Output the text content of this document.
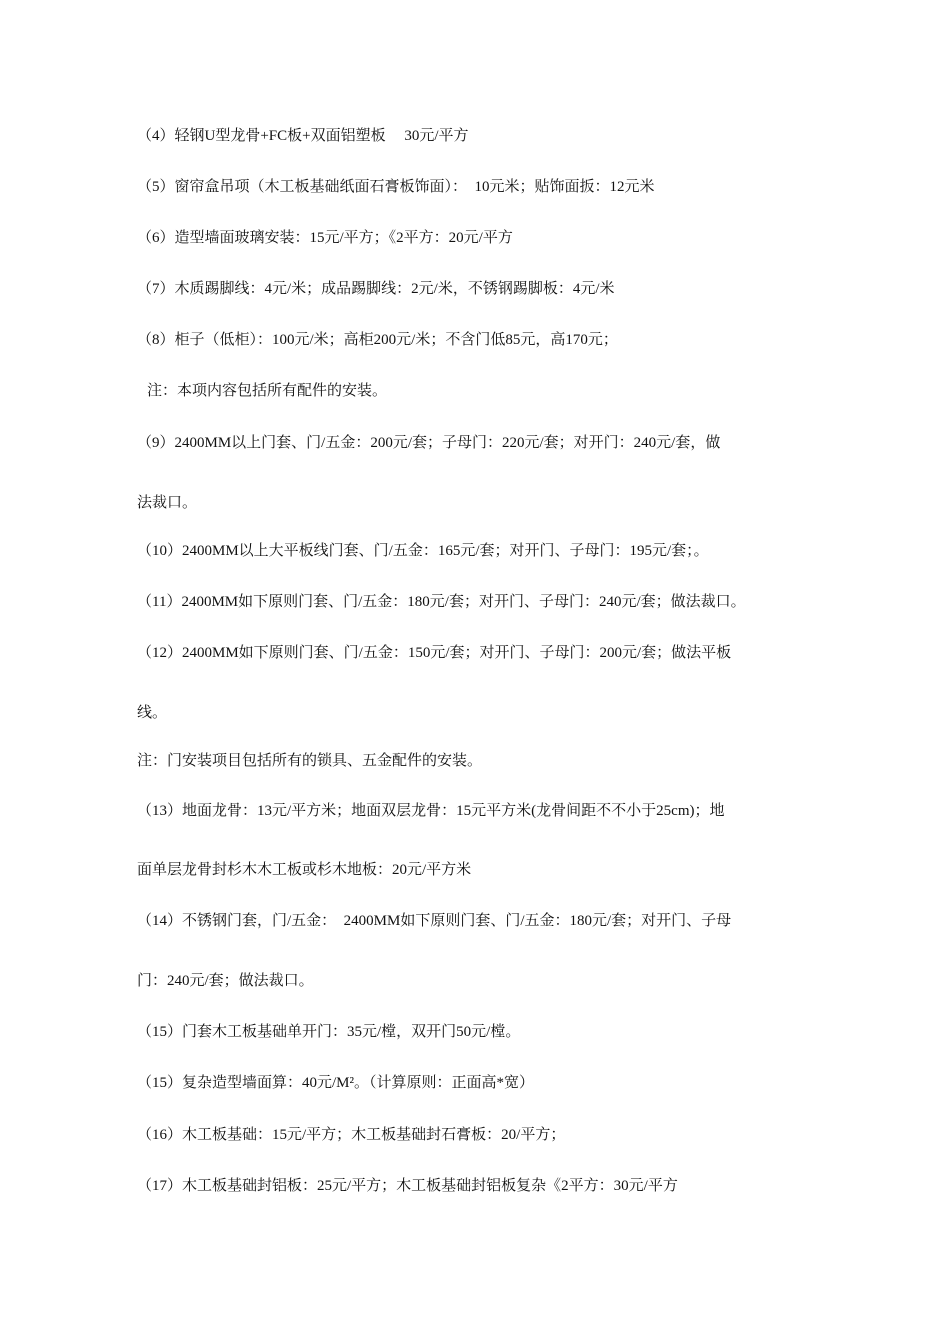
（4）轻钢U型龙骨+FC板+双面铝塑板　 30元/平方

（5）窗帘盒吊项（木工板基础纸面石膏板饰面）：　10元米；贴饰面扳：12元米

（6）造型墙面玻璃安装：15元/平方；《2平方：20元/平方

（7）木质踢脚线：4元/米；成品踢脚线：2元/米，不锈钢踢脚板：4元/米

（8）柜子（低柜）：100元/米；高柜200元/米；不含门低85元，高170元；

注：本项内容包括所有配件的安装。

（9）2400MM以上门套、门/五金：200元/套；子母门：220元/套；对开门：240元/套，做

法裁口。

（10）2400MM以上大平板线门套、门/五金：165元/套；对开门、子母门：195元/套；。

（11）2400MM如下原则门套、门/五金：180元/套；对开门、子母门：240元/套；做法裁口。

（12）2400MM如下原则门套、门/五金：150元/套；对开门、子母门：200元/套；做法平板

线。

注：门安装项目包括所有的锁具、五金配件的安装。

（13）地面龙骨：13元/平方米；地面双层龙骨：15元平方米(龙骨间距不不小于25cm)；地

面单层龙骨封杉木木工板或杉木地板：20元/平方米

（14）不锈钢门套，门/五金：　2400MM如下原则门套、门/五金：180元/套；对开门、子母

门：240元/套；做法裁口。

（15）门套木工板基础单开门：35元/樘，双开门50元/樘。

（15）复杂造型墙面算：40元/M²。（计算原则：正面高*宽）

（16）木工板基础：15元/平方；木工板基础封石膏板：20/平方；

（17）木工板基础封铝板：25元/平方；木工板基础封铝板复杂《2平方：30元/平方
